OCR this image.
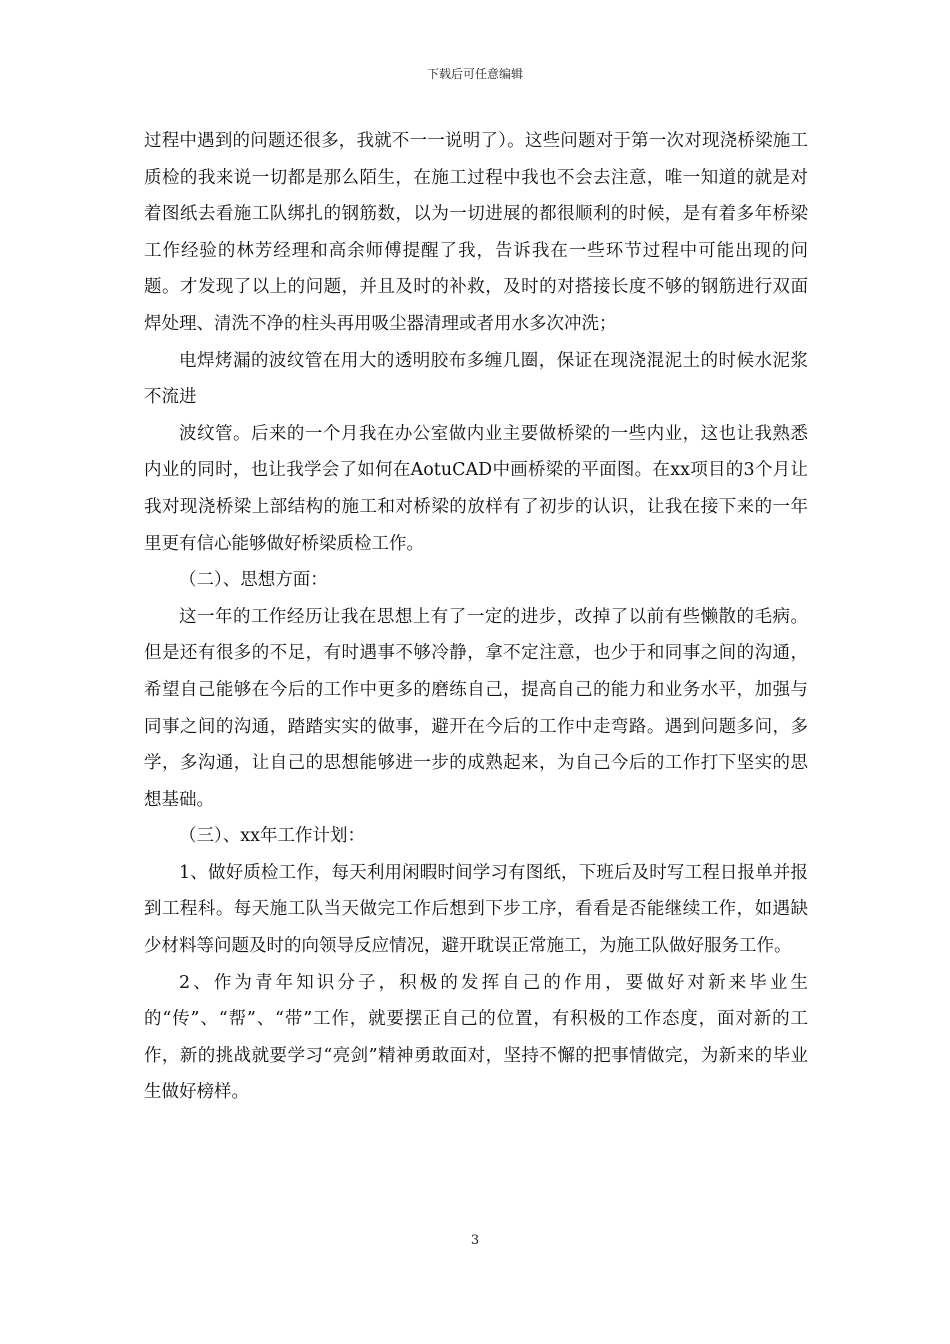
下载后可任意编辑

过程中遇到的问题还很多，我就不一一说明了）。这些问题对于第一次对现浇桥梁施工质检的我来说一切都是那么陌生，在施工过程中我也不会去注意，唯一知道的就是对着图纸去看施工队绑扎的钢筋数，以为一切进展的都很顺利的时候，是有着多年桥梁工作经验的林芳经理和高余师傅提醒了我，告诉我在一些环节过程中可能出现的问题。才发现了以上的问题，并且及时的补救，及时的对搭接长度不够的钢筋进行双面焊处理、清洗不净的柱头再用吸尘器清理或者用水多次冲洗；

电焊烤漏的波纹管在用大的透明胶布多缠几圈，保证在现浇混泥土的时候水泥浆不流进

波纹管。后来的一个月我在办公室做内业主要做桥梁的一些内业，这也让我熟悉内业的同时，也让我学会了如何在AotuCAD中画桥梁的平面图。在xx项目的3个月让我对现浇桥梁上部结构的施工和对桥梁的放样有了初步的认识，让我在接下来的一年里更有信心能够做好桥梁质检工作。

（二）、思想方面：

这一年的工作经历让我在思想上有了一定的进步，改掉了以前有些懒散的毛病。但是还有很多的不足，有时遇事不够冷静，拿不定注意，也少于和同事之间的沟通，希望自己能够在今后的工作中更多的磨练自己，提高自己的能力和业务水平，加强与同事之间的沟通，踏踏实实的做事，避开在今后的工作中走弯路。遇到问题多问，多学，多沟通，让自己的思想能够进一步的成熟起来，为自己今后的工作打下坚实的思想基础。

（三）、xx年工作计划：

1、做好质检工作，每天利用闲暇时间学习有图纸，下班后及时写工程日报单并报到工程科。每天施工队当天做完工作后想到下步工序，看看是否能继续工作，如遇缺少材料等问题及时的向领导反应情况，避开耽误正常施工，为施工队做好服务工作。

2、作为青年知识分子，积极的发挥自己的作用，要做好对新来毕业生的“传”、“帮”、“带”工作，就要摆正自己的位置，有积极的工作态度，面对新的工作，新的挑战就要学习“亮剑”精神勇敢面对，坚持不懈的把事情做完，为新来的毕业生做好榜样。

3
